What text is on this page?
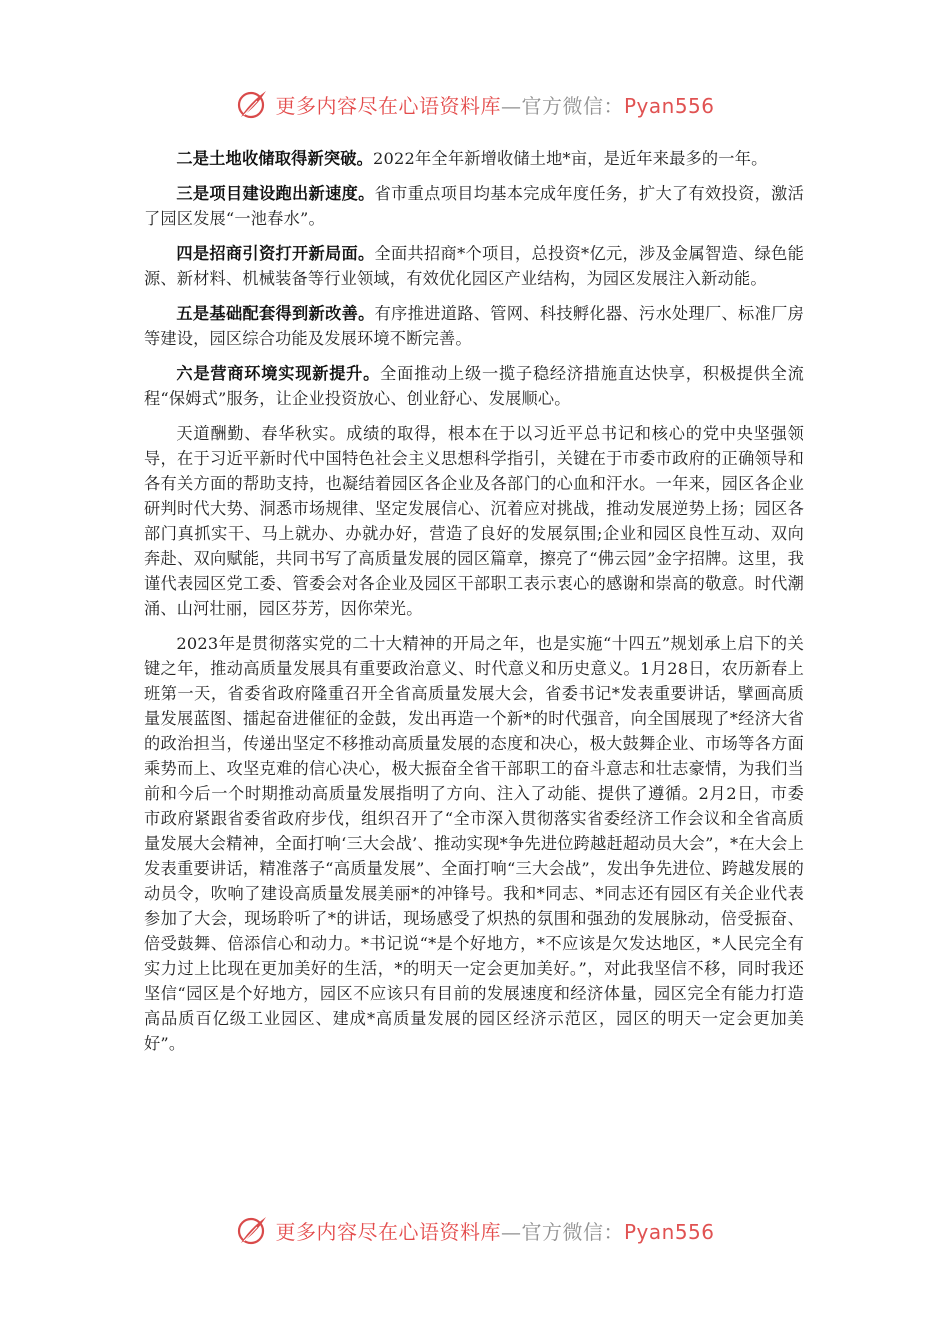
更多内容尽在心语资料库—官方微信：Pyan556

二是土地收储取得新突破。2022年全年新增收储土地*亩，是近年来最多的一年。

三是项目建设跑出新速度。省市重点项目均基本完成年度任务，扩大了有效投资，激活了园区发展“一池春水”。

四是招商引资打开新局面。全面共招商*个项目，总投资*亿元，涉及金属智造、绿色能源、新材料、机械装备等行业领域，有效优化园区产业结构，为园区发展注入新动能。

五是基础配套得到新改善。有序推进道路、管网、科技孵化器、污水处理厂、标准厂房等建设，园区综合功能及发展环境不断完善。

六是营商环境实现新提升。全面推动上级一揽子稳经济措施直达快享，积极提供全流程“保姆式”服务，让企业投资放心、创业舒心、发展顺心。

天道酬勤、春华秋实。成绩的取得，根本在于以习近平总书记和核心的党中央坚强领导，在于习近平新时代中国特色社会主义思想科学指引，关键在于市委市政府的正确领导和各有关方面的帮助支持，也凝结着园区各企业及各部门的心血和汗水。一年来，园区各企业研判时代大势、洞悉市场规律、坚定发展信心、沉着应对挑战，推动发展逆势上扬；园区各部门真抓实干、马上就办、办就办好，营造了良好的发展氛围;企业和园区良性互动、双向奔赴、双向赋能，共同书写了高质量发展的园区篇章，擦亮了“佛云园”金字招牌。这里，我谨代表园区党工委、管委会对各企业及园区干部职工表示衷心的感谢和崇高的敬意。时代潮涌、山河壮丽，园区芬芳，因你荣光。

2023年是贯彻落实党的二十大精神的开局之年，也是实施“十四五”规划承上启下的关键之年，推动高质量发展具有重要政治意义、时代意义和历史意义。1月28日，农历新春上班第一天，省委省政府隆重召开全省高质量发展大会，省委书记*发表重要讲话，擘画高质量发展蓝图、擂起奋进催征的金鼓，发出再造一个新*的时代强音，向全国展现了*经济大省的政治担当，传递出坚定不移推动高质量发展的态度和决心，极大鼓舞企业、市场等各方面乘势而上、攻坚克难的信心决心，极大振奋全省干部职工的奋斗意志和壮志豪情，为我们当前和今后一个时期推动高质量发展指明了方向、注入了动能、提供了遵循。2月2日，市委市政府紧跟省委省政府步伐，组织召开了“全市深入贯彻落实省委经济工作会议和全省高质量发展大会精神，全面打响‘三大会战’、推动实现*争先进位跨越赶超动员大会”，*在大会上发表重要讲话，精准落子“高质量发展”、全面打响“三大会战”，发出争先进位、跨越发展的动员令，吹响了建设高质量发展美丽*的冲锋号。我和*同志、*同志还有园区有关企业代表参加了大会，现场聆听了*的讲话，现场感受了炽热的氛围和强劲的发展脉动，倍受振奋、倍受鼓舞、倍添信心和动力。*书记说“*是个好地方，*不应该是欠发达地区，*人民完全有实力过上比现在更加美好的生活，*的明天一定会更加美好。”，对此我坚信不移，同时我还坚信“园区是个好地方，园区不应该只有目前的发展速度和经济体量，园区完全有能力打造高品质百亿级工业园区、建成*高质量发展的园区经济示范区，园区的明天一定会更加美好”。

更多内容尽在心语资料库—官方微信：Pyan556
